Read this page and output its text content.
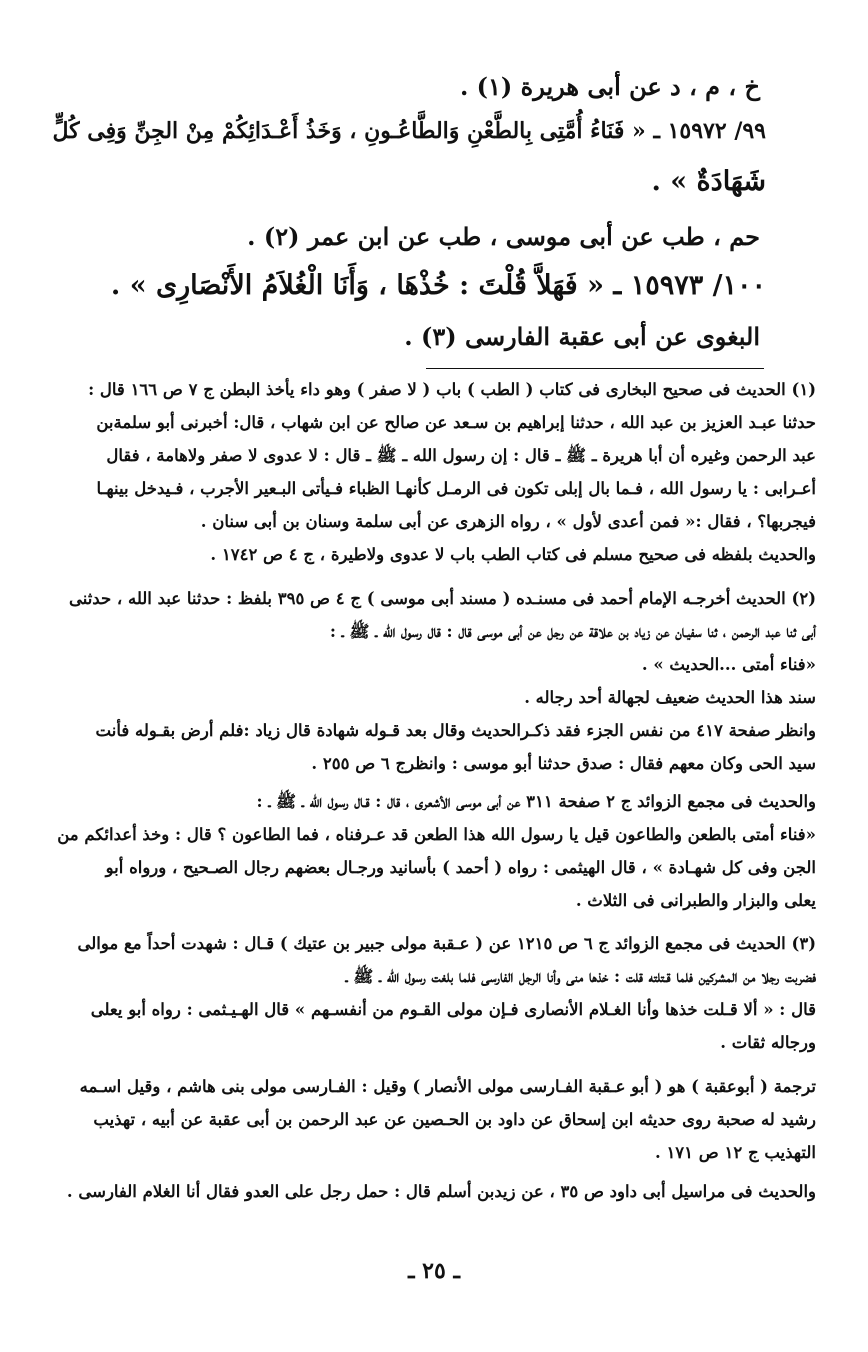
خ ، م ، د عن أبى هريرة (١) .
٩٩/ ١٥٩٧٢ ـ « فَنَاءُ أُمَّتِى بِالطَّعْنِ وَالطَّاعُـونِ ، وَخَذُ أَعْـدَائِكُمْ مِنْ الجِنِّ وَفِى كُلٍّ
شَهَادَةٌ » .
حم ، طب عن أبى موسى ، طب عن ابن عمر (٢) .
١٠٠/ ١٥٩٧٣ ـ « فَهَلاَّ قُلْتَ : خُذْهَا ، وَأَنَا الْغُلاَمُ الأَنْصَارِى » .
البغوى عن أبى عقبة الفارسى (٣) .
(١) الحديث فى صحيح البخارى فى كتاب ( الطب ) باب ( لا صفر ) وهو داء يأخذ البطن ج ٧ ص ١٦٦ قال :
حدثنا عبـد العزيز بن عبد الله ، حدثنا إبراهيم بن سـعد عن صالح عن ابن شهاب ، قال: أخبرنى أبو سلمةبن
عبد الرحمن وغيره أن أبا هريرة ـ ﷺ ـ قال : إن رسول الله ـ ﷺ ـ قال : لا عدوى لا صفر ولاهامة ، فقال
أعـرابى : يا رسول الله ، فـما بال إبلى تكون فى الرمـل كأنهـا الظباء فـيأتى البـعير الأجرب ، فـيدخل بينهـا
فيجربها؟ ، فقال :« فمن أعدى لأول » ، رواه الزهرى عن أبى سلمة وسنان بن أبى سنان .
والحديث بلفظه فى صحيح مسلم فى كتاب الطب باب لا عدوى ولاطيرة ، ج ٤ ص ١٧٤٢ .
(٢) الحديث أخرجـه الإمام أحمد فى مسنـده ( مسند أبى موسى ) ج ٤ ص ٣٩٥ بلفظ : حدثنا عبد الله ، حدثنى
أبى ثنا عبد الرحمن ، ثنا سفيـان عن زياد بن علاقة عن رجل عن أبى موسى قال : قال رسول الله ـ ﷺ ـ :
«فناء أمتى ...الحديث » .
سند هذا الحديث ضعيف لجهالة أحد رجاله .
وانظر صفحة ٤١٧ من نفس الجزء فقد ذكـرالحديث وقال بعد قـوله شهادة قال زياد :فلم أرض بقـوله فأنت
سيد الحى وكان معهم فقال : صدق حدثنا أبو موسى : وانظرج ٦ ص ٢٥٥ .
والحديث فى مجمع الزوائد ج ٢ صفحة ٣١١ عن أبى موسى الأشعرى ، قال : قـال رسول الله ـ ﷺ ـ :
«فناء أمتى بالطعن والطاعون قيل يا رسول الله هذا الطعن قد عـرفناه ، فما الطاعون ؟ قال : وخذ أعدائكم من
الجن وفى كل شهـادة » ، قال الهيثمى : رواه ( أحمد ) بأسانيد ورجـال بعضهم رجال الصـحيح ، ورواه أبو
يعلى والبزار والطبرانى فى الثلاث .
(٣) الحديث فى مجمع الزوائد ج ٦ ص ١٢١٥ عن ( عـقبة مولى جبير بن عتيك ) قـال : شهدت أحداً مع موالى
فضربت رجلا من المشركين فلما قـتلته قلت : خذها منى وأنا الرجل الفارسى فلما بلغت رسول الله ـ ﷺ ـ
قال : « ألا قـلت خذها وأنا الغـلام الأنصارى فـإن مولى القـوم من أنفسـهم » قال الهـيـثمى : رواه أبو يعلى
ورجاله ثقات .
ترجمة ( أبوعقبة ) هو ( أبو عـقبة الفـارسى مولى الأنصار ) وقيل : الفـارسى مولى بنى هاشم ، وقيل اسـمه
رشيد له صحبة روى حديثه ابن إسحاق عن داود بن الحـصين عن عبد الرحمن بن أبى عقبة عن أبيه ، تهذيب
التهذيب ج ١٢ ص ١٧١ .
والحديث فى مراسيل أبى داود ص ٣٥ ، عن زيدبن أسلم قال : حمل رجل على العدو فقال أنا الغلام الفارسى .
ـ ٢٥ ـ
